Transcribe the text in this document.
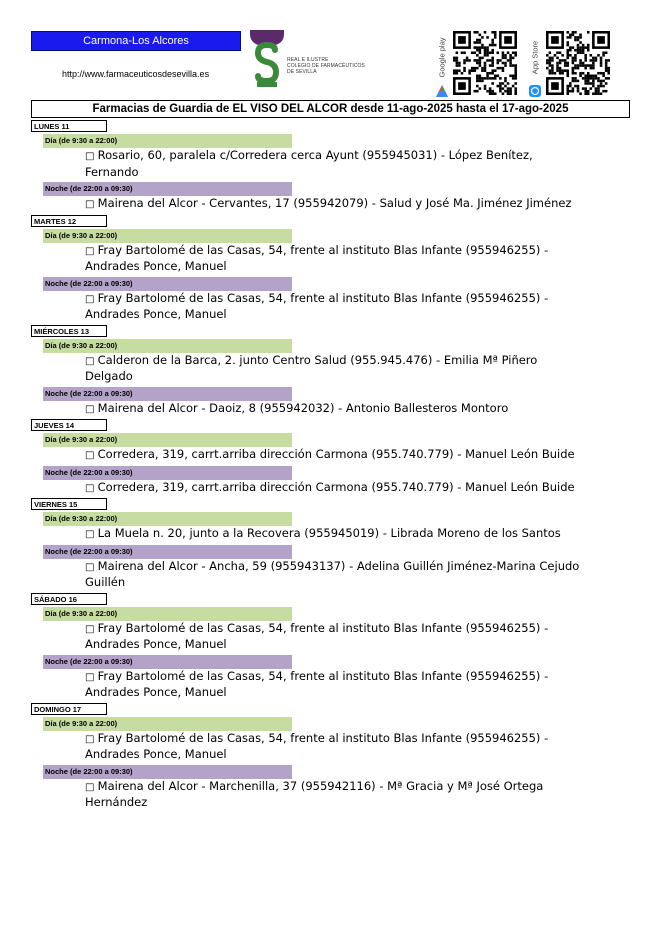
Carmona-Los Alcores
http://www.farmaceuticosdesevilla.es
REAL E ILUSTRE
COLEGIO DE FARMACÉUTICOS
DE SEVILLA	Google play	App Store
Farmacias de Guardia de EL VISO DEL ALCOR desde 11-ago-2025 hasta el 17-ago-2025
LUNES 11
Día (de 9:30 a 22:00)
□ Rosario, 60, paralela c/Corredera cerca Ayunt (955945031) - López Benítez, Fernando
Noche (de 22:00 a 09:30)
□ Mairena del Alcor - Cervantes, 17 (955942079) - Salud y José Ma. Jiménez Jiménez
MARTES 12
Día (de 9:30 a 22:00)
□ Fray Bartolomé de las Casas, 54, frente al instituto Blas Infante (955946255) - Andrades Ponce, Manuel
Noche (de 22:00 a 09:30)
□ Fray Bartolomé de las Casas, 54, frente al instituto Blas Infante (955946255) - Andrades Ponce, Manuel
MIÉRCOLES 13
Día (de 9:30 a 22:00)
□ Calderon de la Barca, 2. junto Centro Salud (955.945.476) - Emilia Mª Piñero Delgado
Noche (de 22:00 a 09:30)
□ Mairena del Alcor - Daoiz, 8 (955942032) - Antonio Ballesteros Montoro
JUEVES 14
Día (de 9:30 a 22:00)
□ Corredera, 319, carrt.arriba dirección Carmona (955.740.779) - Manuel León Buide
Noche (de 22:00 a 09:30)
□ Corredera, 319, carrt.arriba dirección Carmona (955.740.779) - Manuel León Buide
VIERNES 15
Día (de 9:30 a 22:00)
□ La Muela n. 20, junto a la Recovera (955945019) - Librada Moreno de los Santos
Noche (de 22:00 a 09:30)
□ Mairena del Alcor - Ancha, 59 (955943137) - Adelina Guillén Jiménez-Marina Cejudo Guillén
SÁBADO 16
Día (de 9:30 a 22:00)
□ Fray Bartolomé de las Casas, 54, frente al instituto Blas Infante (955946255) - Andrades Ponce, Manuel
Noche (de 22:00 a 09:30)
□ Fray Bartolomé de las Casas, 54, frente al instituto Blas Infante (955946255) - Andrades Ponce, Manuel
DOMINGO 17
Día (de 9:30 a 22:00)
□ Fray Bartolomé de las Casas, 54, frente al instituto Blas Infante (955946255) - Andrades Ponce, Manuel
Noche (de 22:00 a 09:30)
□ Mairena del Alcor - Marchenilla, 37 (955942116) - Mª Gracia y Mª José Ortega Hernández
